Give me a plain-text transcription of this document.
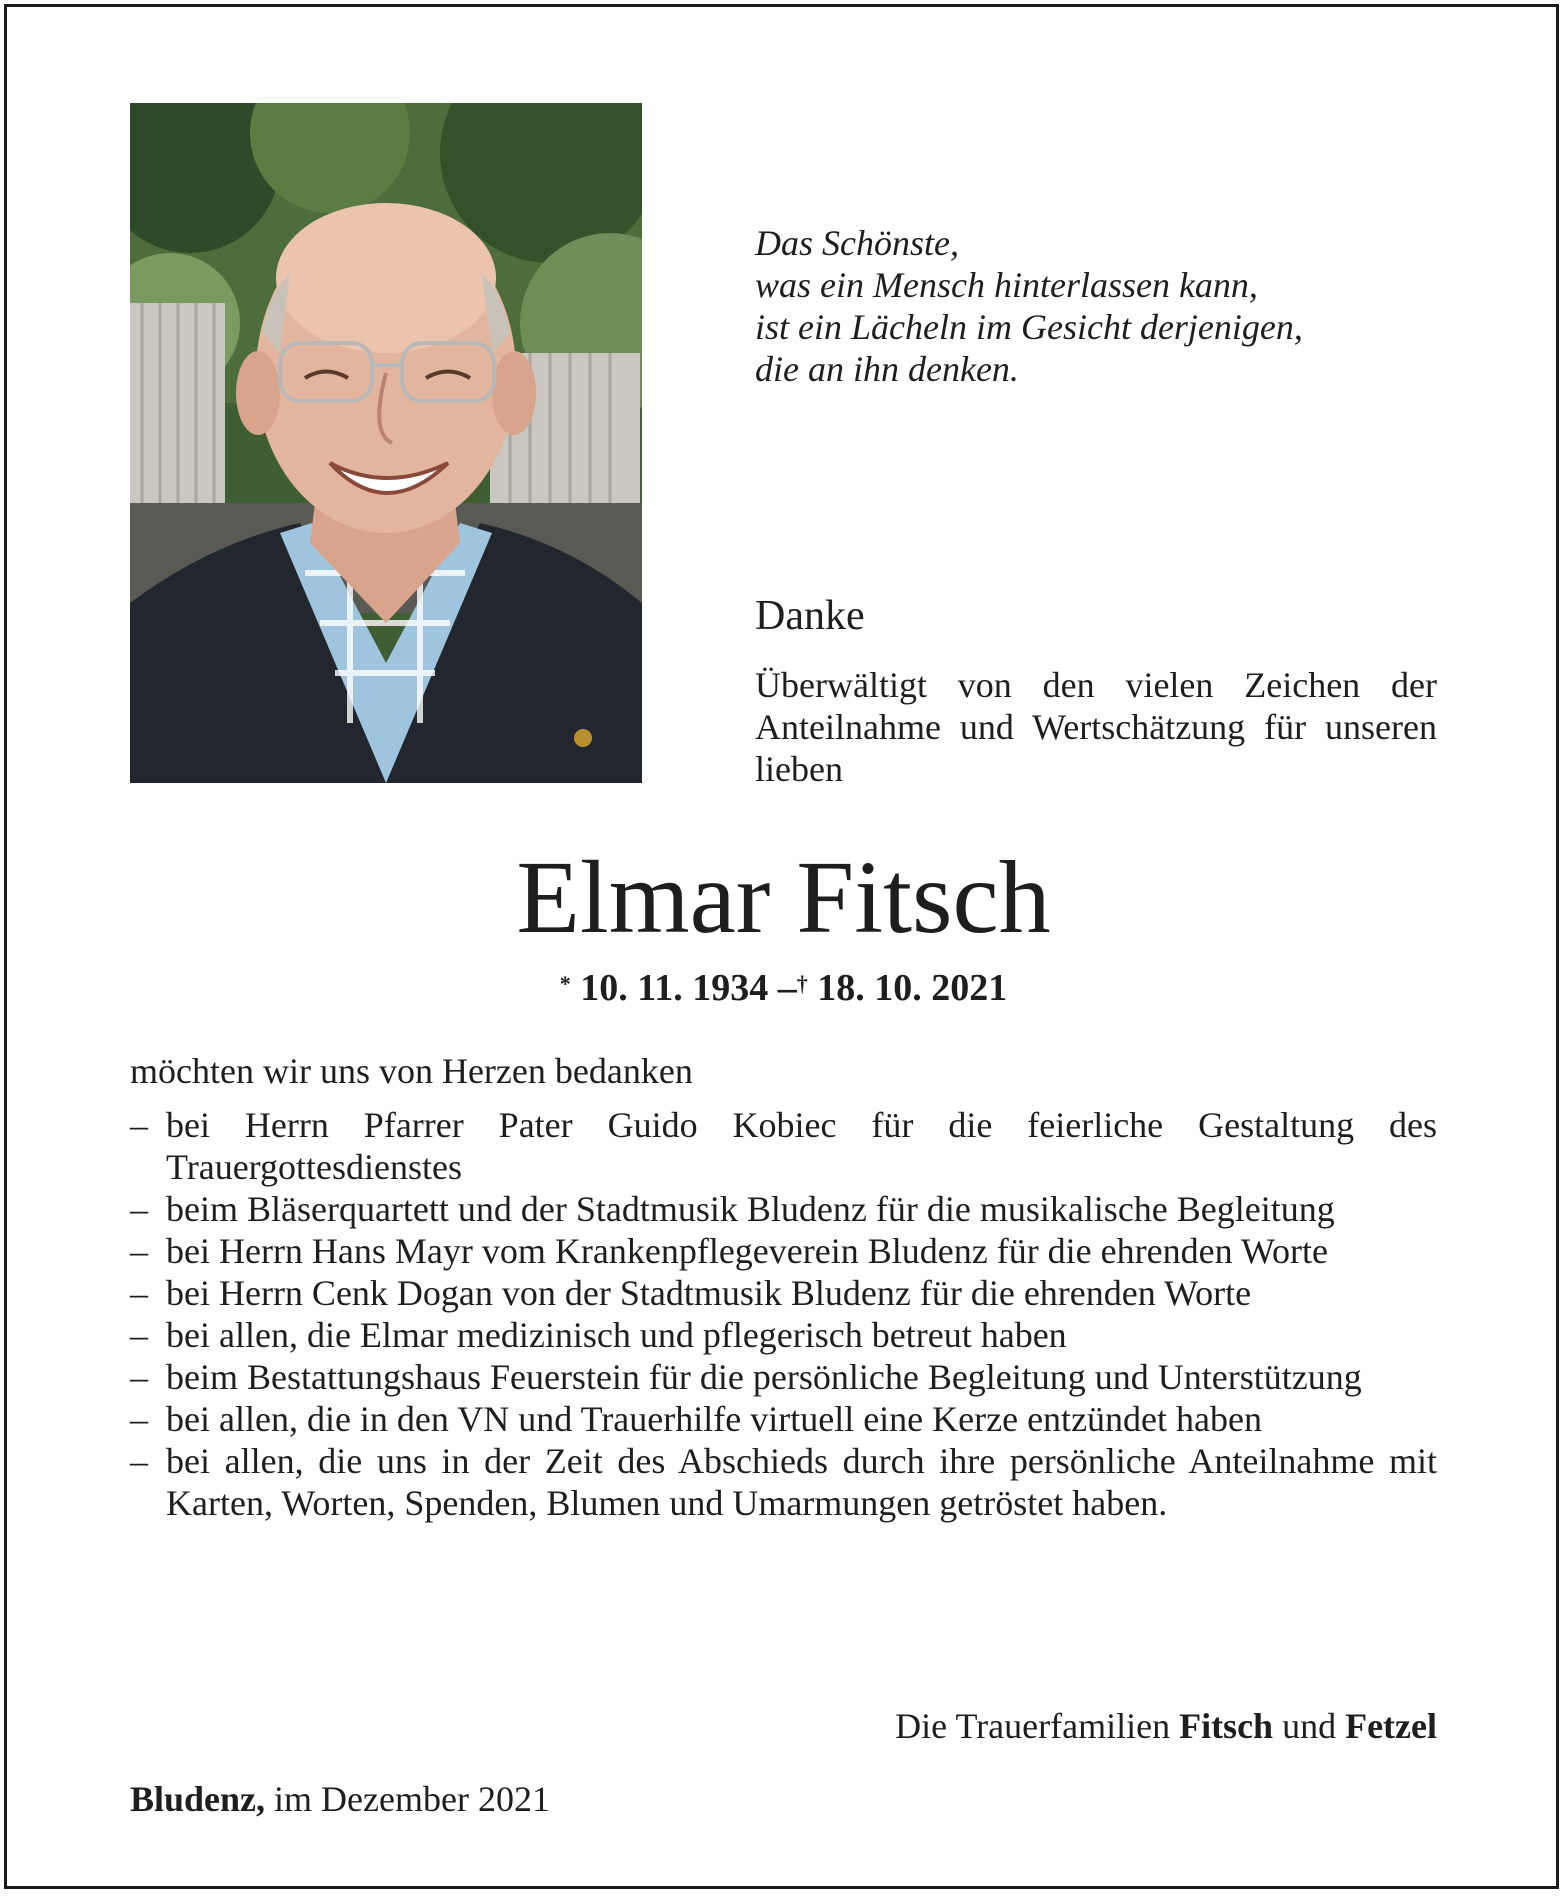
Das Schönste,
was ein Mensch hinterlassen kann,
ist ein Lächeln im Gesicht derjenigen,
die an ihn denken.
Danke

Überwältigt von den vielen Zeichen der Anteilnahme und Wertschätzung für unseren lieben

Elmar Fitsch
* 10. 11. 1934 –† 18. 10. 2021
möchten wir uns von Herzen bedanken
– bei Herrn Pfarrer Pater Guido Kobiec für die feierliche Gestaltung des Trauergottesdienstes
– beim Bläserquartett und der Stadtmusik Bludenz für die musikalische Begleitung
– bei Herrn Hans Mayr vom Krankenpflegeverein Bludenz für die ehrenden Worte
– bei Herrn Cenk Dogan von der Stadtmusik Bludenz für die ehrenden Worte
– bei allen, die Elmar medizinisch und pflegerisch betreut haben
– beim Bestattungshaus Feuerstein für die persönliche Begleitung und Unterstützung
– bei allen, die in den VN und Trauerhilfe virtuell eine Kerze entzündet haben
– bei allen, die uns in der Zeit des Abschieds durch ihre persönliche Anteilnahme mit Karten, Worten, Spenden, Blumen und Umarmungen getröstet haben.
Die Trauerfamilien Fitsch und Fetzel
Bludenz, im Dezember 2021
